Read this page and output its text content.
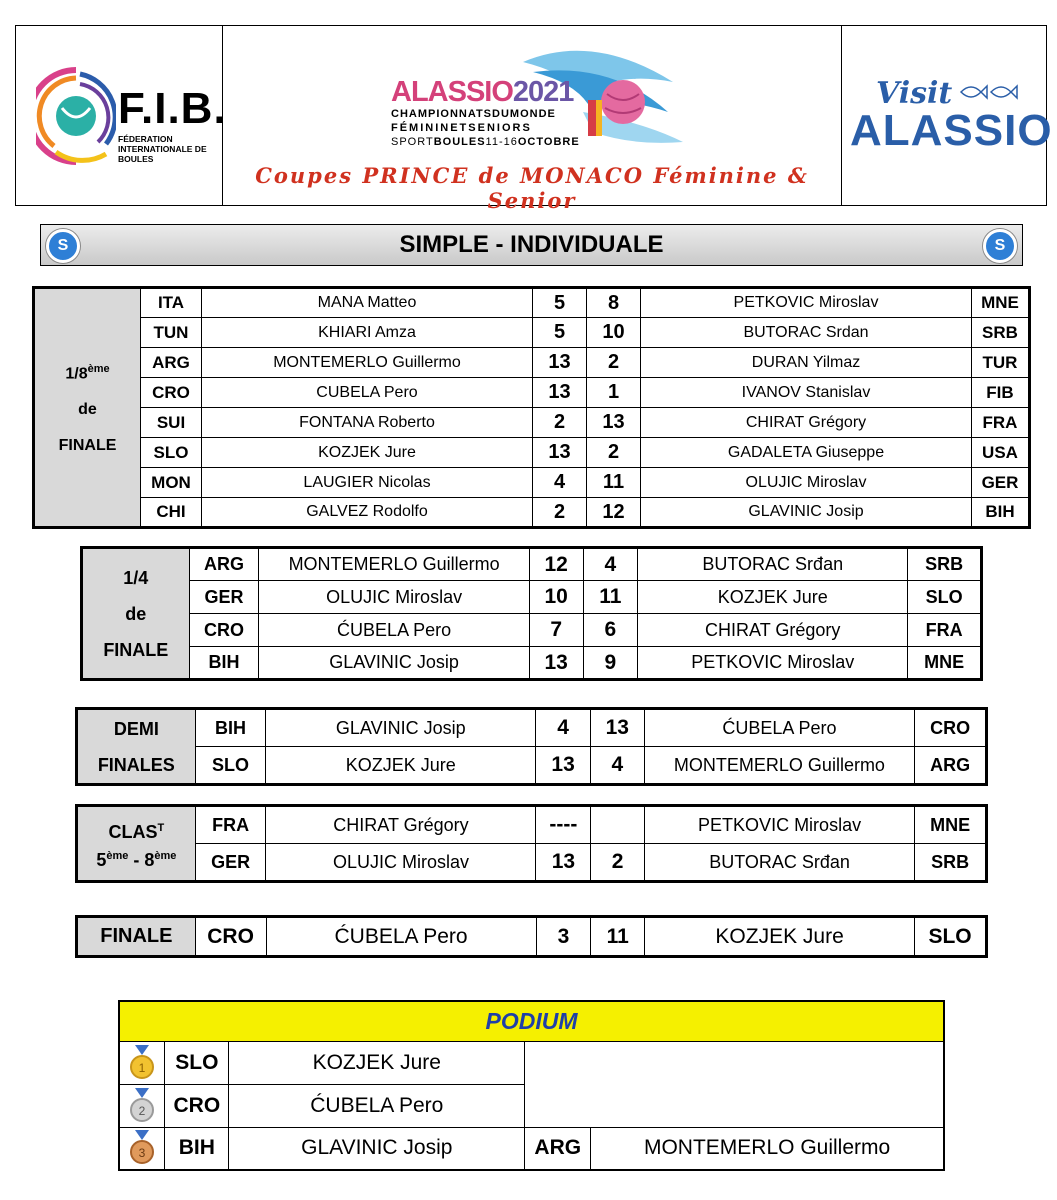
F.I.B.
FÉDERATION INTERNATIONALE DE BOULES
ALASSIO2021
CHAMPIONNATSDUMONDE
FÉMININETSENIORS
SPORTBOULES11-16OCTOBRE
Coupes PRINCE de MONACO Féminine & Senior
Visit
ALASSIO
S	SIMPLE - INDIVIDUALE	S
1/8ème
de
FINALE	ITA	MANA Matteo	5	8	PETKOVIC Miroslav	MNE
	TUN	KHIARI Amza	5	10	BUTORAC Srdan	SRB
	ARG	MONTEMERLO Guillermo	13	2	DURAN Yilmaz	TUR
	CRO	CUBELA Pero	13	1	IVANOV Stanislav	FIB
	SUI	FONTANA Roberto	2	13	CHIRAT Grégory	FRA
	SLO	KOZJEK Jure	13	2	GADALETA Giuseppe	USA
	MON	LAUGIER Nicolas	4	11	OLUJIC Miroslav	GER
	CHI	GALVEZ Rodolfo	2	12	GLAVINIC Josip	BIH
1/4
de
FINALE	ARG	MONTEMERLO Guillermo	12	4	BUTORAC Srđan	SRB
	GER	OLUJIC Miroslav	10	11	KOZJEK Jure	SLO
	CRO	ĆUBELA Pero	7	6	CHIRAT Grégory	FRA
	BIH	GLAVINIC Josip	13	9	PETKOVIC Miroslav	MNE
DEMI
FINALES	BIH	GLAVINIC Josip	4	13	ĆUBELA Pero	CRO
	SLO	KOZJEK Jure	13	4	MONTEMERLO Guillermo	ARG
$CLAS^T$
5ème - 8ème	FRA	CHIRAT Grégory	----		PETKOVIC Miroslav	MNE
	GER	OLUJIC Miroslav	13	2	BUTORAC Srđan	SRB
FINALE	CRO	ĆUBELA Pero	3	11	KOZJEK Jure	SLO
PODIUM				

1	SLO	KOZJEK Jure		

2	CRO	ĆUBELA Pero		

3	BIH	GLAVINIC Josip	ARG	MONTEMERLO Guillermo
